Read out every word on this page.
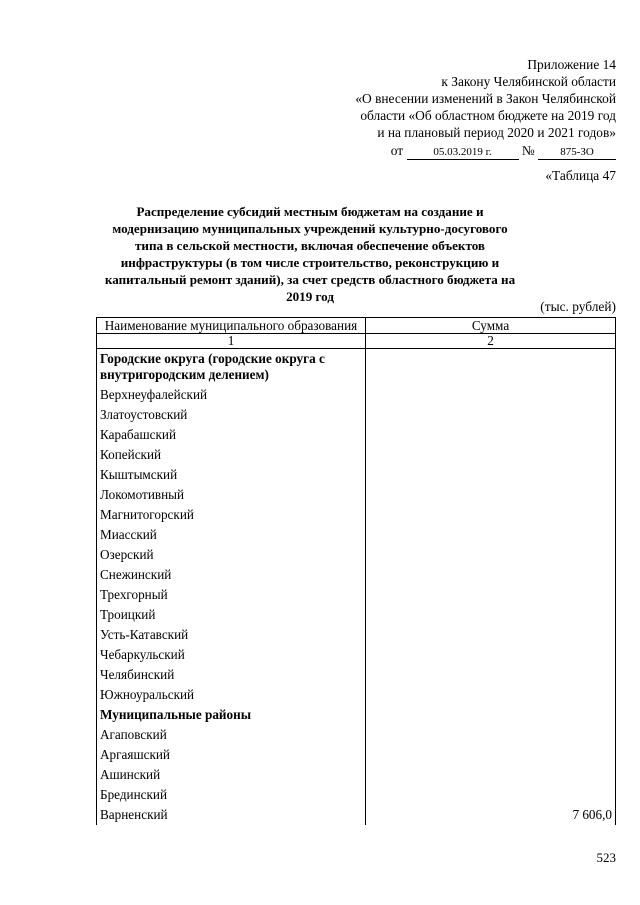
Приложение 14
к Закону Челябинской области
«О внесении изменений в Закон Челябинской
области «Об областном бюджете на 2019 год
и на плановый период 2020 и 2021 годов»
от	05.03.2019 г. № 875-ЗО
«Таблица 47
Распределение субсидий местным бюджетам на создание и модернизацию муниципальных учреждений культурно-досугового типа в сельской местности, включая обеспечение объектов инфраструктуры (в том числе строительство, реконструкцию и капитальный ремонт зданий), за счет средств областного бюджета на 2019 год
(тыс. рублей)
Наименование муниципального образования	Сумма
1	2
Городские округа (городские округа с внутригородским делением)	
Верхнеуфалейский	
Златоустовский	
Карабашский	
Копейский	
Кыштымский	
Локомотивный	
Магнитогорский	
Миасский	
Озерский	
Снежинский	
Трехгорный	
Троицкий	
Усть-Катавский	
Чебаркульский	
Челябинский	
Южноуральский	
Муниципальные районы	
Агаповский	
Аргаяшский	
Ашинский	
Брединский	
Варненский	7 606,0
523
